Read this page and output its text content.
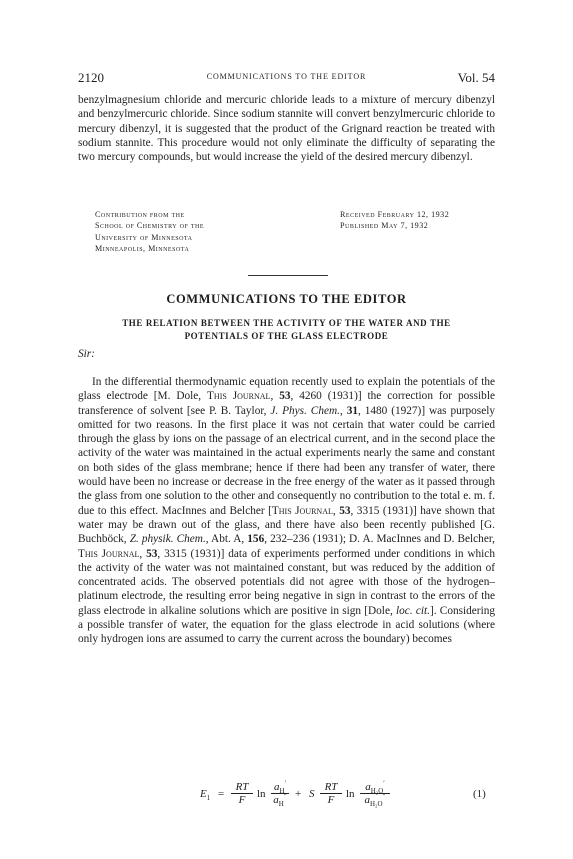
2120	COMMUNICATIONS TO THE EDITOR	Vol. 54

benzylmagnesium chloride and mercuric chloride leads to a mixture of mercury dibenzyl and benzylmercuric chloride. Since sodium stannite will convert benzylmercuric chloride to mercury dibenzyl, it is suggested that the product of the Grignard reaction be treated with sodium stannite. This procedure would not only eliminate the difficulty of separating the two mercury compounds, but would increase the yield of the desired mercury dibenzyl.

Contribution from the
School of Chemistry of the
University of Minnesota
Minneapolis, Minnesota
Received February 12, 1932
Published May 7, 1932
COMMUNICATIONS TO THE EDITOR
THE RELATION BETWEEN THE ACTIVITY OF THE WATER AND THE
POTENTIALS OF THE GLASS ELECTRODE
Sir:

In the differential thermodynamic equation recently used to explain the potentials of the glass electrode [M. Dole, This Journal, 53, 4260 (1931)] the correction for possible transference of solvent [see P. B. Taylor, J. Phys. Chem., 31, 1480 (1927)] was purposely omitted for two reasons. In the first place it was not certain that water could be carried through the glass by ions on the passage of an electrical current, and in the second place the activity of the water was maintained in the actual experiments nearly the same and constant on both sides of the glass membrane; hence if there had been any transfer of water, there would have been no increase or decrease in the free energy of the water as it passed through the glass from one solution to the other and consequently no contribution to the total e. m. f. due to this effect. MacInnes and Belcher [This Journal, 53, 3315 (1931)] have shown that water may be drawn out of the glass, and there have also been recently published [G. Buchböck, Z. physik. Chem., Abt. A, 156, 232–236 (1931); D. A. MacInnes and D. Belcher, This Journal, 53, 3315 (1931)] data of experiments performed under conditions in which the activity of the water was not maintained constant, but was reduced by the addition of concentrated acids. The observed potentials did not agree with those of the hydrogen–platinum electrode, the resulting error being negative in sign in contrast to the errors of the glass electrode in alkaline solutions which are positive in sign [Dole, loc. cit.]. Considering a possible transfer of water, the equation for the glass electrode in acid solutions (where only hydrogen ions are assumed to carry the current across the boundary) becomes

$E_1 = \frac{RT}{F}$ $\ln \frac{a_H'}{a_H''} + S \frac{RT}{F}$ $\ln \frac{a_{H_2O}'}{a_{H_2O}''}$	(1)
